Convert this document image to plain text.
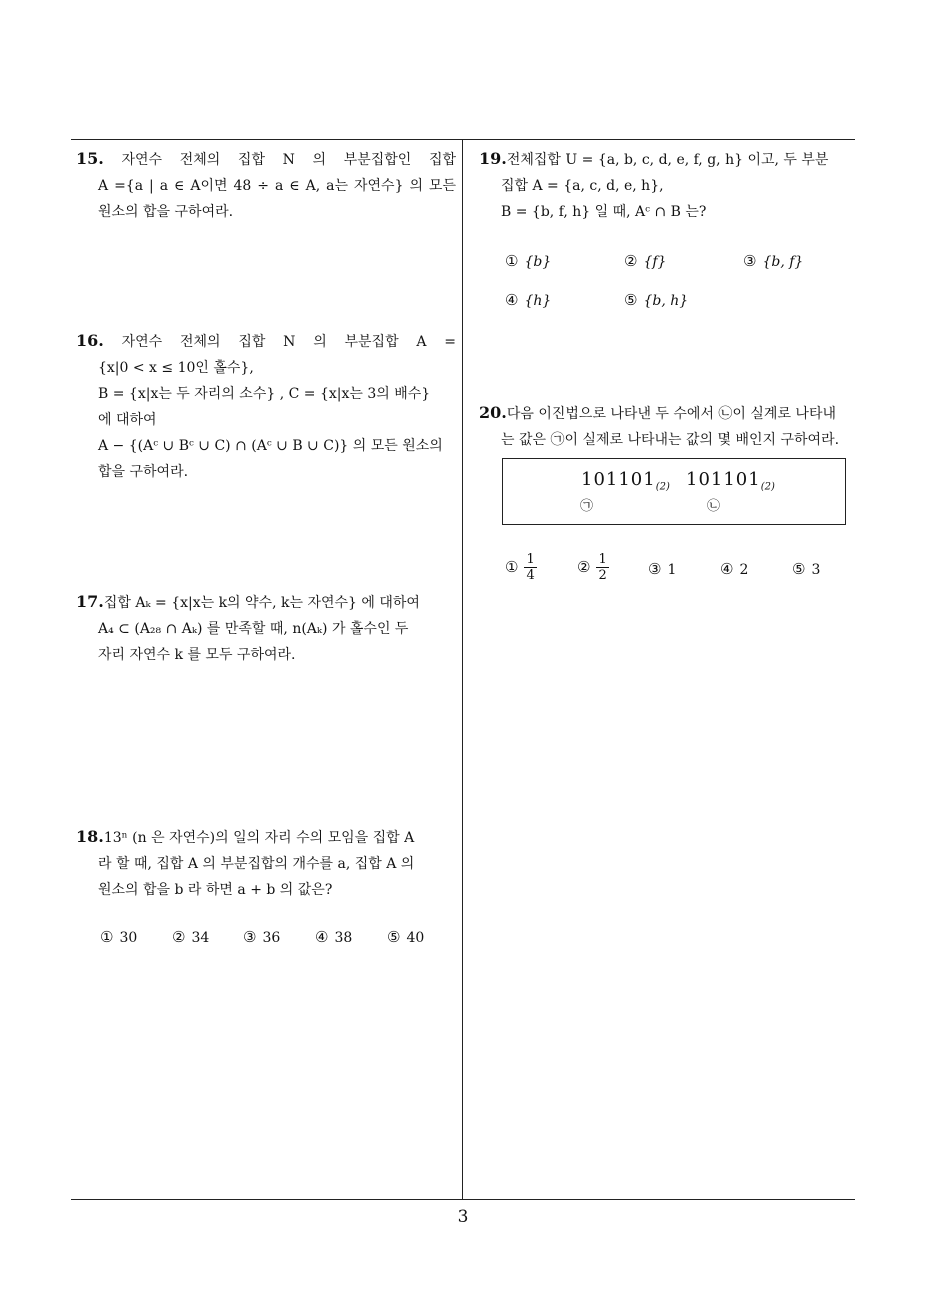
15. 자연수 전체의 집합 N 의 부분집합인 집합
A ={a | a ∈ A이면 48 ÷ a ∈ A, a는 자연수} 의 모든
원소의 합을 구하여라.
16. 자연수 전체의 집합 N 의 부분집합 A =
{x|0 < x ≤ 10인 홀수},
B = {x|x는 두 자리의 소수} , C = {x|x는 3의 배수}
에 대하여
A − {(Aᶜ ∪ Bᶜ ∪ C) ∩ (Aᶜ ∪ B ∪ C)} 의 모든 원소의
합을 구하여라.
17.집합 Aₖ = {x|x는 k의 약수, k는 자연수} 에 대하여
A₄ ⊂ (A₂₈ ∩ Aₖ) 를 만족할 때, n(Aₖ) 가 홀수인 두
자리 자연수 k 를 모두 구하여라.
18.13ⁿ (n 은 자연수)의 일의 자리 수의 모임을 집합 A
라 할 때, 집합 A 의 부분집합의 개수를 a, 집합 A 의
원소의 합을 b 라 하면 a + b 의 값은?
① 30 ② 34 ③ 36 ④ 38 ⑤ 40
19.전체집합 U = {a, b, c, d, e, f, g, h} 이고, 두 부분
집합 A = {a, c, d, e, h},
B = {b, f, h} 일 때, Aᶜ ∩ B 는?
① {b}	② {f}	③ {b, f}
④ {h}	⑤ {b, h}
20.다음 이진법으로 나타낸 두 수에서 ㉡이 실계로 나타내
는 값은 ㉠이 실제로 나타내는 값의 몇 배인지 구하여라.
$101101_{(2)}$ $101101_{(2)}$
㉠	㉡
① $\frac{1}{4}$	② $\frac{1}{2}$	③ 1	④ 2	⑤ 3
3
